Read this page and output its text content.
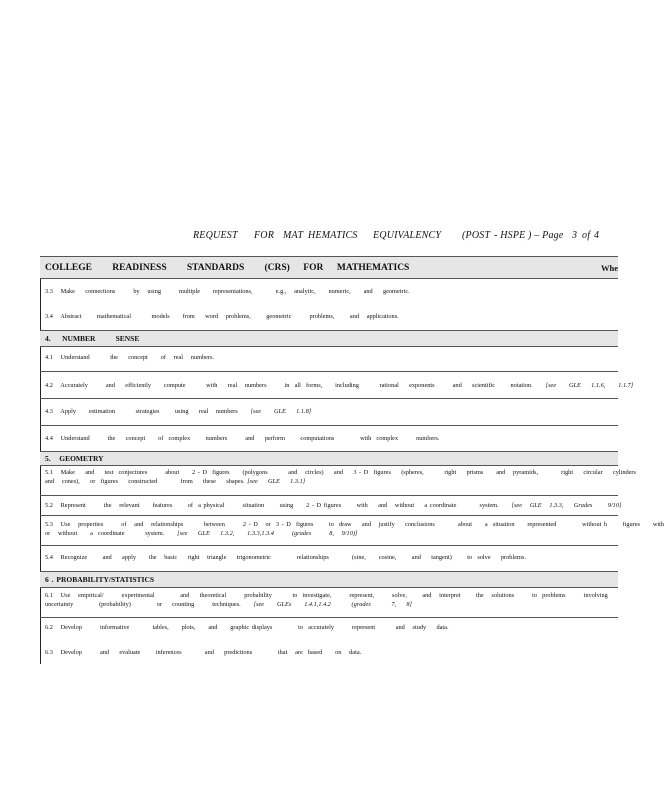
REQUEST FOR MAT HEMATICS EQUIVALENCY (POST - HSPE ) – Page 3 of 4
COLLEGE      READINESS      STANDARDS      (CRS)    FOR    MATHEMATICS	Whe
3.3   Make    connections       by   using       multiple     representations,         e.g.,   analytic,     numeric,     and    geometric.
3.4   Abstract      mathematical        models     from    word   problems,      geometric       problems,      and   applications.
4.    NUMBER       SENSE
4.1   Understand        the    concept     of   real   numbers.
4.2   Accurately       and    efficiently     compute        with    real   numbers       in  all  forms,     including        rational    exponents       and    scientific      notation. [see     GLE    1.1.6,     1.1.7]
4.3   Apply     estimation        strategies      using    real   numbers [see     GLE    1.1.8]
4.4   Understand       the    concept     of  complex      numbers       and    perform      computations          with  complex       numbers.
5.   GEOMETRY
5.1   Make    and    test  conjectures       about     2 - D  figures     (polygons        and   circles)    and    3 - D  figures    (spheres,        right    prisms     and   pyramids,         right    circular    cylinders
and   cones),    or  figures    constructed         from    these    shapes. [see    GLE    1.3.1]
5.2   Represent       the   relevant     features      of  a physical       situation      using     2 - D figures      with    and   without    a coordinate         system. [see   GLE   1.3.3,    Grades      9/10]
5.3   Use   properties       of   and   relationships        between       2 - D   or  3 - D  figures      to  draw    and   justify    conclusions         about     a  situation     represented          without h      figures     with
or   without     a  coordinate        system. [see    GLE    1.3.2,     1.3.3,1.3.4       (grades       8,   9/10)]
5.4   Recognize      and    apply     the   basic    right   triangle    trigonometric          relationships         (sine,     cosine,      and    tangent)      to  solve    problems.
6 . PROBABILITY/STATISTICS
6.1   Use   empirical/       experimental          and    theoretical       probability        to  investigate,       represent,       solve,      and   interpret      the   solutions       to  problems       involving
uncertainty          (probability)          or    counting       techniques. [see     GLEs     1.4.1,1.4.2        (grades        7,    8]
6.2   Develop       informative         tables,     plots,     and     graphic displays          to  accurately       represent        and   study    data.
6.3   Develop       and    evaluate      inferences         and    predictions          that   are  based     on   data.
